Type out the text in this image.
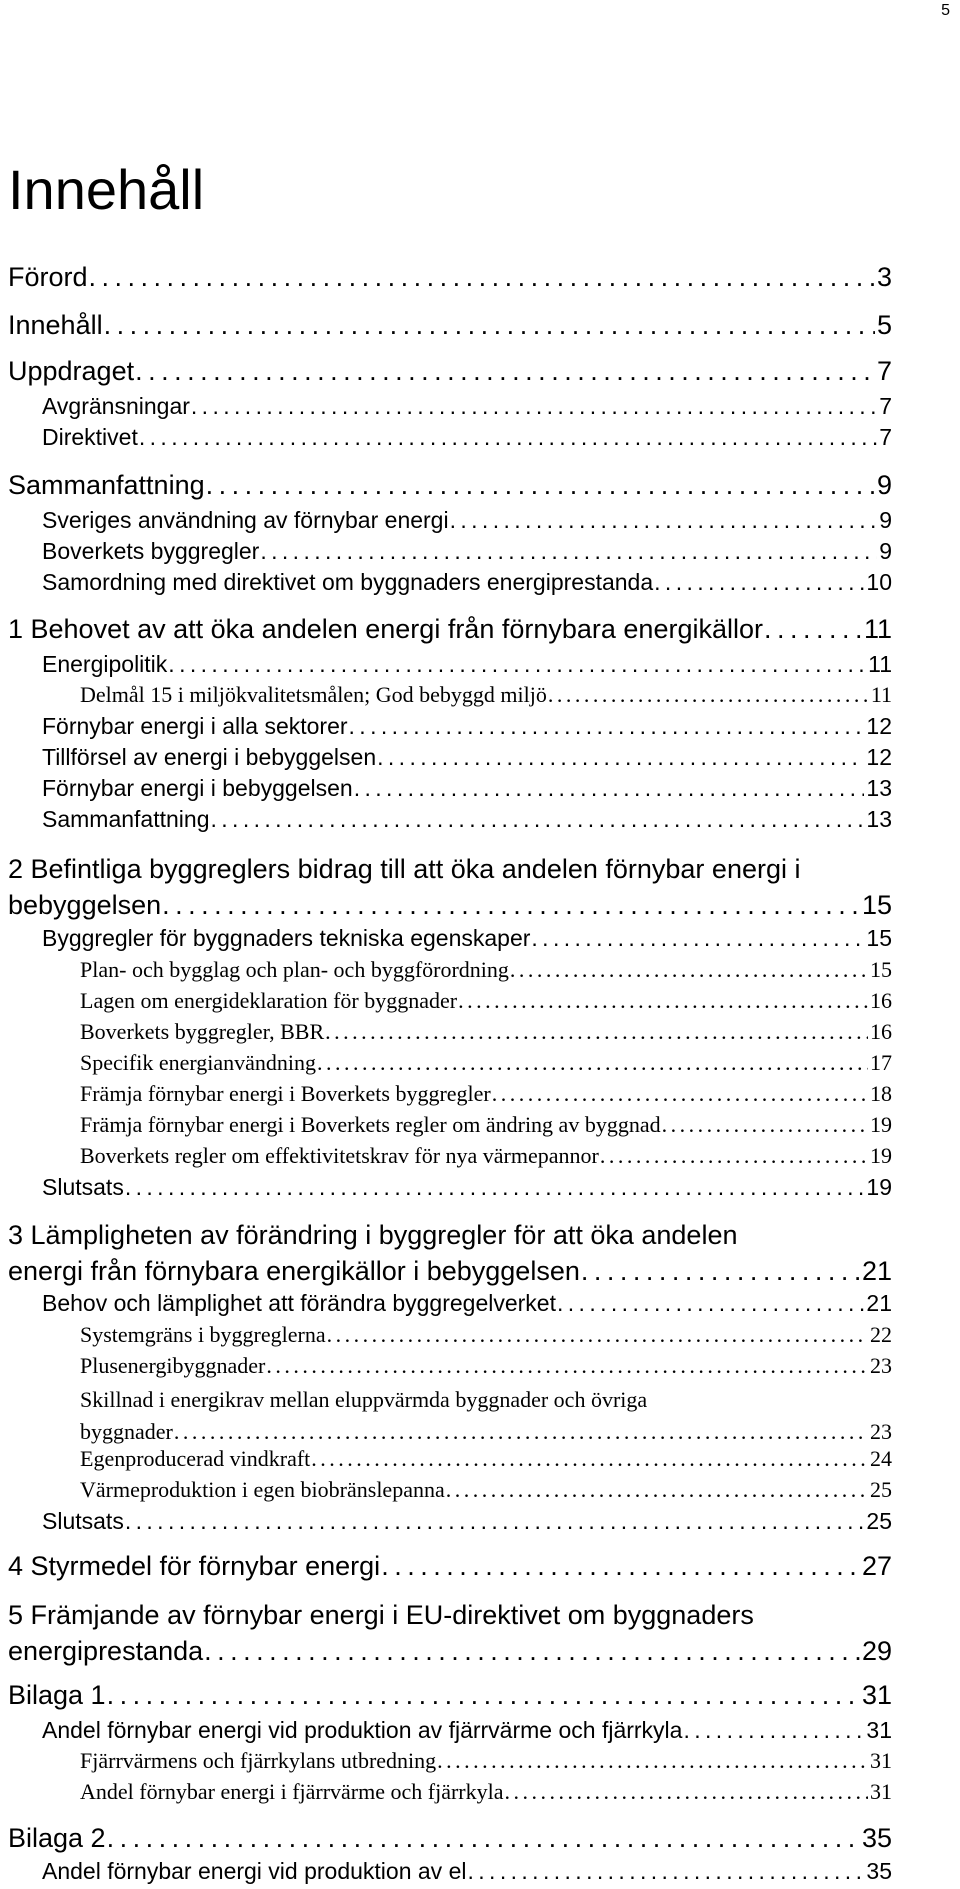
5
Innehåll
Förord . . .	3
Innehåll . . .	5
Uppdraget . . .	7
Avgränsningar . . .	7
Direktivet . . .	7
Sammanfattning . . .	9
Sveriges användning av förnybar energi . . .	9
Boverkets byggregler . . .	9
Samordning med direktivet om byggnaders energiprestanda . . .	10
1 Behovet av att öka andelen energi från förnybara energikällor . . .	11
Energipolitik . . .	11
Delmål 15 i miljökvalitetsmålen; God bebyggd miljö . . .	11
Förnybar energi i alla sektorer . . .	12
Tillförsel av energi i bebyggelsen . . .	12
Förnybar energi i bebyggelsen . . .	13
Sammanfattning . . .	13
2 Befintliga byggreglers bidrag till att öka andelen förnybar energi i
bebyggelsen . . .	15
Byggregler för byggnaders tekniska egenskaper . . .	15
Plan- och bygglag och plan- och byggförordning . . .	15
Lagen om energideklaration för byggnader . . .	16
Boverkets byggregler, BBR . . .	16
Specifik energianvändning . . .	17
Främja förnybar energi i Boverkets byggregler . . .	18
Främja förnybar energi i Boverkets regler om ändring av byggnad . . .	19
Boverkets regler om effektivitetskrav för nya värmepannor . . .	19
Slutsats . . .	19
3 Lämpligheten av förändring i byggregler för att öka andelen
energi från förnybara energikällor i bebyggelsen . . .	21
Behov och lämplighet att förändra byggregelverket . . .	21
Systemgräns i byggreglerna . . .	22
Plusenergibyggnader . . .	23
Skillnad i energikrav mellan eluppvärmda byggnader och övriga
byggnader . . .	23
Egenproducerad vindkraft . . .	24
Värmeproduktion i egen biobränslepanna . . .	25
Slutsats . . .	25
4 Styrmedel för förnybar energi . . .	27
5 Främjande av förnybar energi i EU-direktivet om byggnaders
energiprestanda . . .	29
Bilaga 1 . . .	31
Andel förnybar energi vid produktion av fjärrvärme och fjärrkyla . . .	31
Fjärrvärmens och fjärrkylans utbredning . . .	31
Andel förnybar energi i fjärrvärme och fjärrkyla . . .	31
Bilaga 2 . . .	35
Andel förnybar energi vid produktion av el . . .	35
